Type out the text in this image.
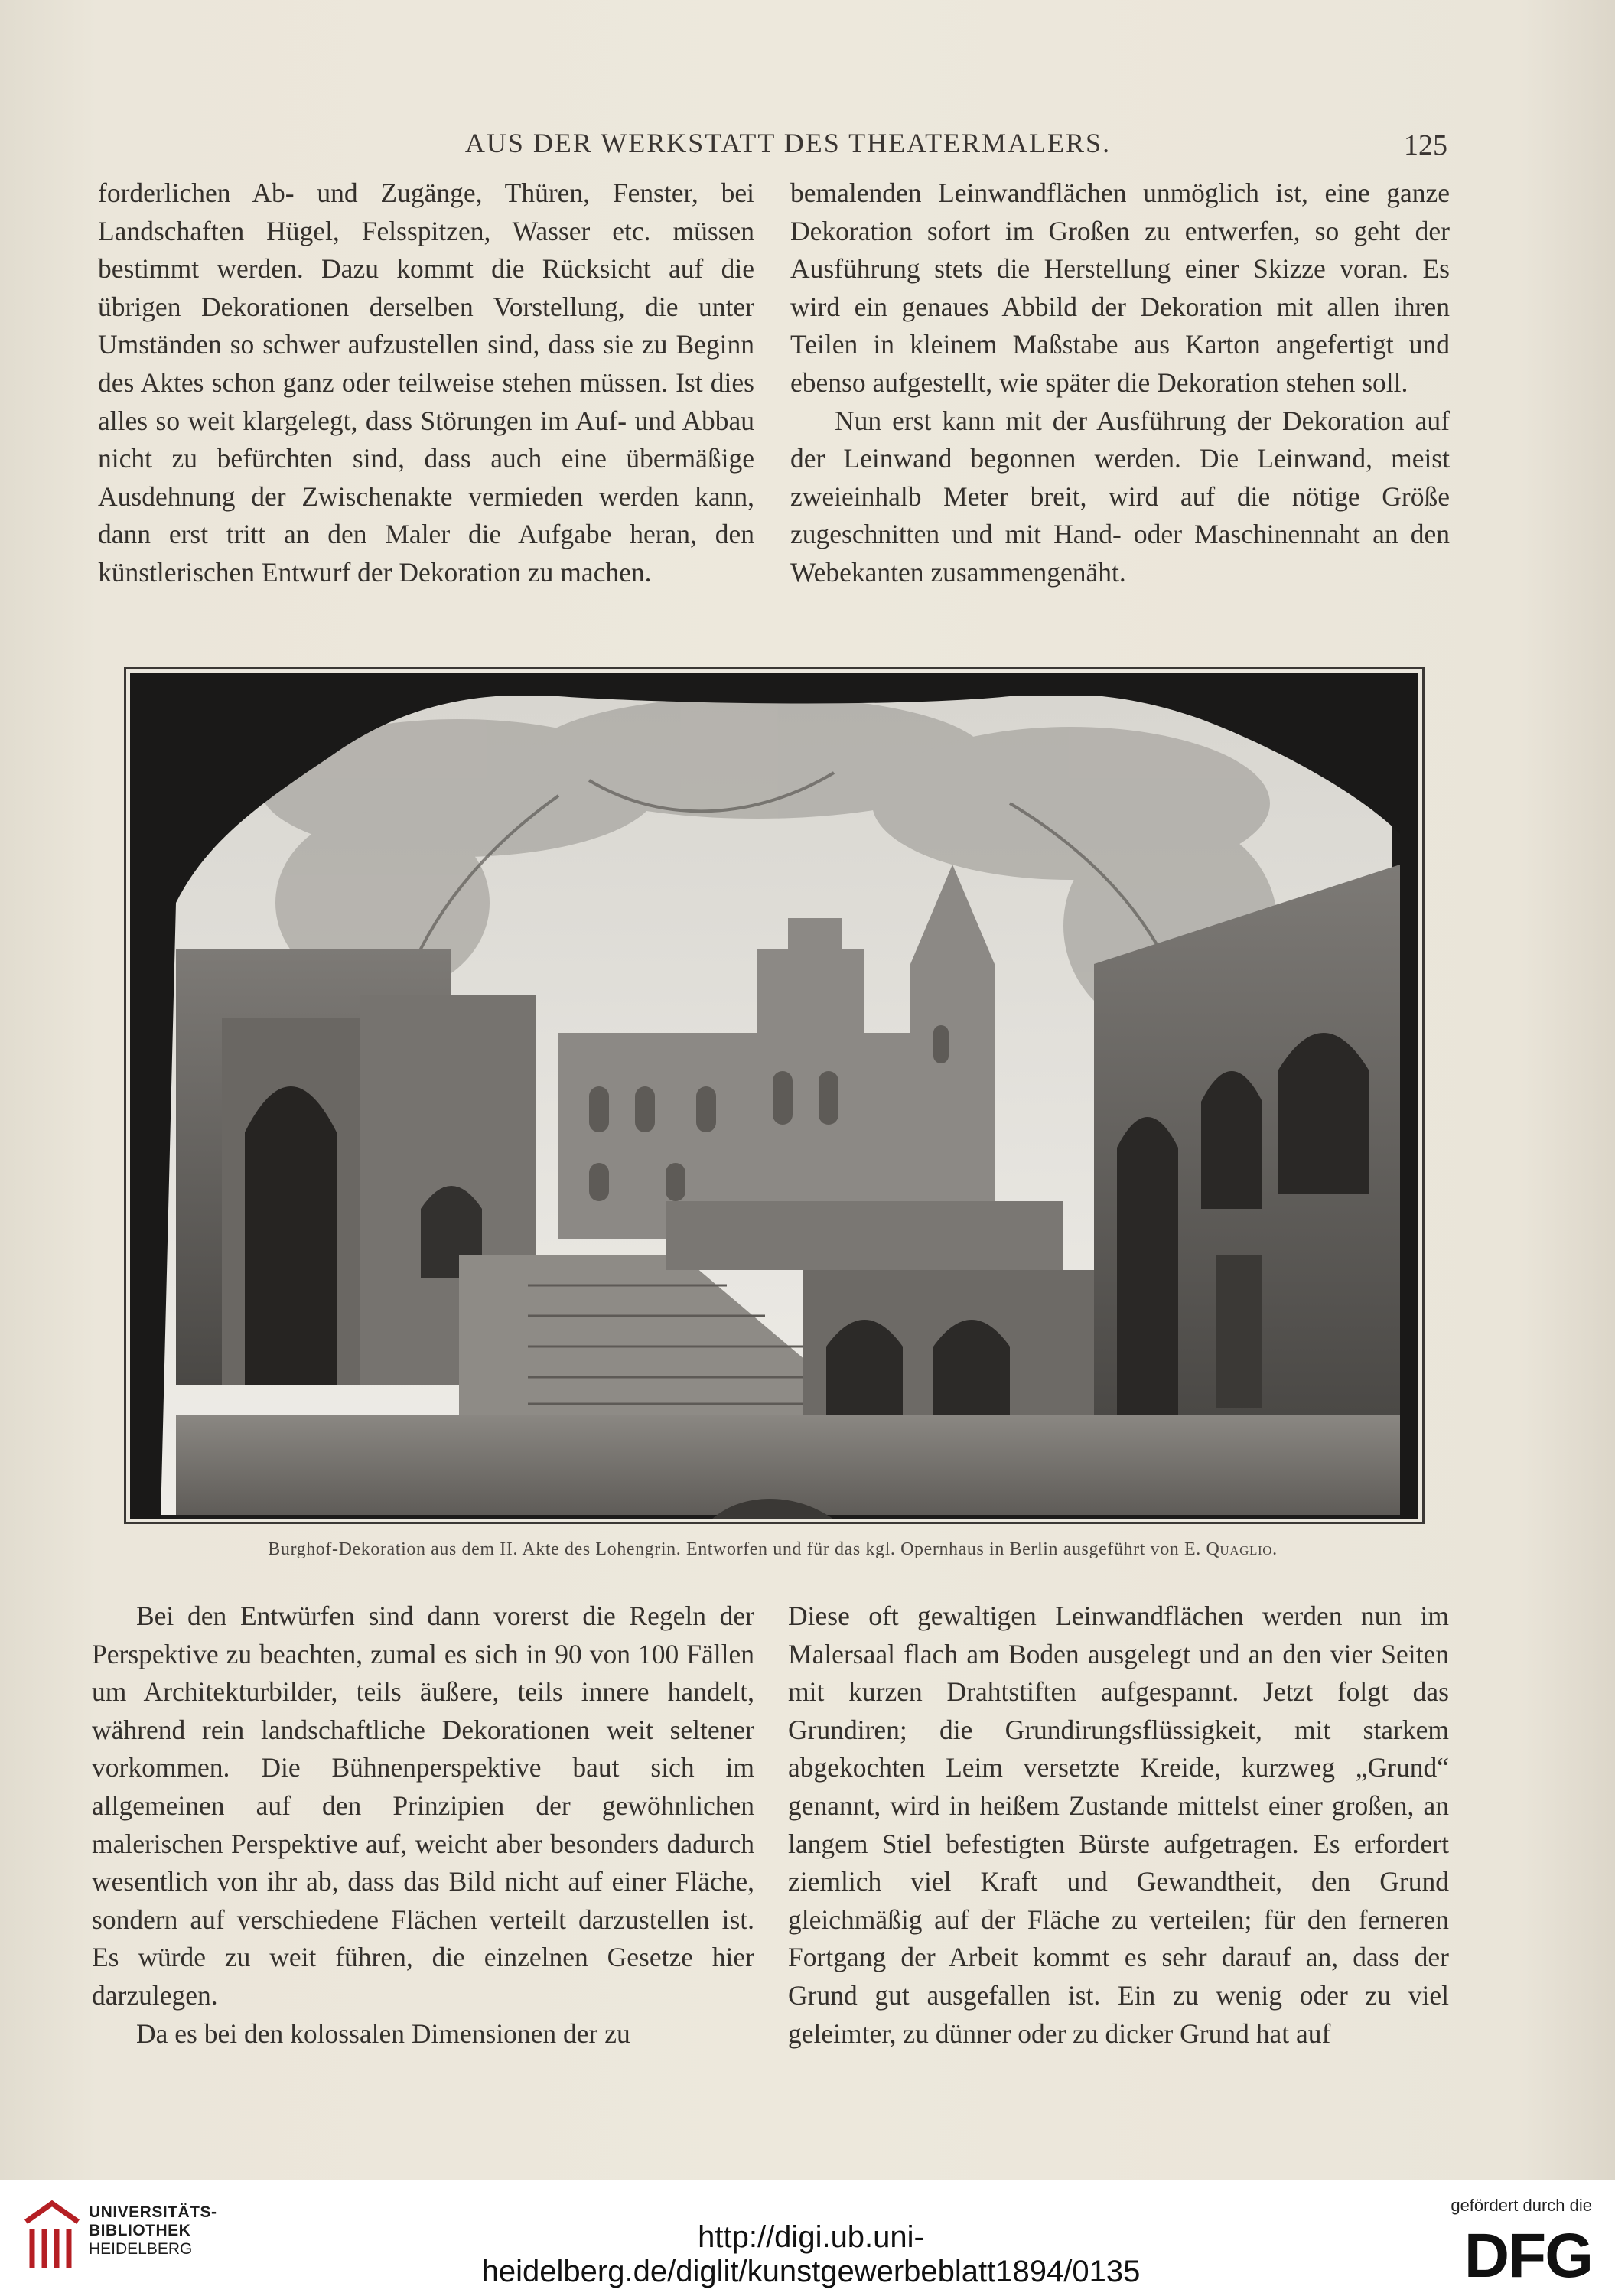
AUS DER WERKSTATT DES THEATERMALERS.	125

forderlichen Ab- und Zugänge, Thüren, Fenster, bei Landschaften Hügel, Felsspitzen, Wasser etc. müssen bestimmt werden. Dazu kommt die Rücksicht auf die übrigen Dekorationen derselben Vorstellung, die unter Umständen so schwer aufzustellen sind, dass sie zu Beginn des Aktes schon ganz oder teilweise stehen müssen. Ist dies alles so weit klargelegt, dass Störungen im Auf- und Abbau nicht zu befürchten sind, dass auch eine übermäßige Ausdehnung der Zwischenakte vermieden werden kann, dann erst tritt an den Maler die Aufgabe heran, den künstlerischen Entwurf der Dekoration zu machen.

bemalenden Leinwandflächen unmöglich ist, eine ganze Dekoration sofort im Großen zu entwerfen, so geht der Ausführung stets die Herstellung einer Skizze voran. Es wird ein genaues Abbild der Dekoration mit allen ihren Teilen in kleinem Maßstabe aus Karton angefertigt und ebenso aufgestellt, wie später die Dekoration stehen soll.

Nun erst kann mit der Ausführung der Dekoration auf der Leinwand begonnen werden. Die Leinwand, meist zweieinhalb Meter breit, wird auf die nötige Größe zugeschnitten und mit Hand- oder Maschinennaht an den Webekanten zusammengenäht.

Burghof-Dekoration aus dem II. Akte des Lohengrin. Entworfen und für das kgl. Opernhaus in Berlin ausgeführt von E. Quaglio.

Bei den Entwürfen sind dann vorerst die Regeln der Perspektive zu beachten, zumal es sich in 90 von 100 Fällen um Architekturbilder, teils äußere, teils innere handelt, während rein landschaftliche Dekorationen weit seltener vorkommen. Die Bühnenperspektive baut sich im allgemeinen auf den Prinzipien der gewöhnlichen malerischen Perspektive auf, weicht aber besonders dadurch wesentlich von ihr ab, dass das Bild nicht auf einer Fläche, sondern auf verschiedene Flächen verteilt darzustellen ist. Es würde zu weit führen, die einzelnen Gesetze hier darzulegen.

Da es bei den kolossalen Dimensionen der zu

Diese oft gewaltigen Leinwandflächen werden nun im Malersaal flach am Boden ausgelegt und an den vier Seiten mit kurzen Drahtstiften aufgespannt. Jetzt folgt das Grundiren; die Grundirungsflüssigkeit, mit starkem abgekochten Leim versetzte Kreide, kurzweg „Grund“ genannt, wird in heißem Zustande mittelst einer großen, an langem Stiel befestigten Bürste aufgetragen. Es erfordert ziemlich viel Kraft und Gewandtheit, den Grund gleichmäßig auf der Fläche zu verteilen; für den ferneren Fortgang der Arbeit kommt es sehr darauf an, dass der Grund gut ausgefallen ist. Ein zu wenig oder zu viel geleimter, zu dünner oder zu dicker Grund hat auf

UNIVERSITÄTS-
BIBLIOTHEK
HEIDELBERG	http://digi.ub.uni-heidelberg.de/diglit/kunstgewerbeblatt1894/0135
gefördert durch die
DFG
